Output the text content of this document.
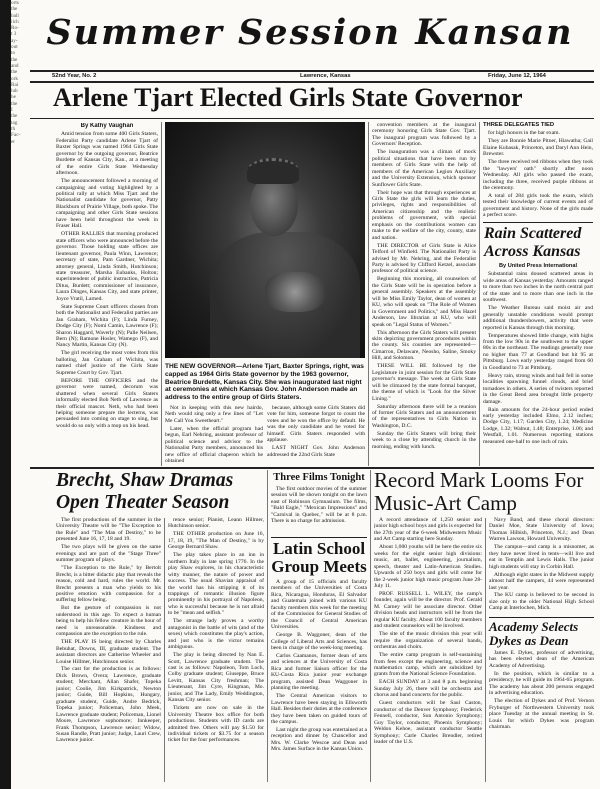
orts
the
ball
iich
Ro-
t 3
ay-
out
to
the
and
the
ork
Rai
lub
he
the
I
the
tag
th
Fac-
er
Summer Session Kansan
52nd Year, No. 2	Lawrence, Kansas	Friday, June 12, 1964
Arlene Tjart Elected Girls State Governor
By Kathy Vaughan

Amid tension from some 400 Girls Staters, Federalist Party candidate Arlene Tjart of Baxter Springs was named 1964 Girls State governor by the outgoing governor, Beatrice Burdette of Kansas City, Kan., at a meeting of the entire Girls State Wednesday afternoon.

The announcement followed a morning of campaigning and voting highlighted by a political rally at which Miss Tjart and the Nationalist candidate for governor, Patty Blackburn of Prairie Village, both spoke. The campaigning and other Girls State sessions have been held throughout the week in Fraser Hall.

OTHER RALLIES that morning produced state officers who were announced before the governor. Those holding state offices are lieutenant governor, Paula Winn, Lawrence; secretary of state, Pam Gardner, Wichita; attorney general, Linda Smith, Hutchinson; state treasurer, Marsha Eubanks, Holton; superintendent of public instruction, Patricia Ditus, Burdett; commissioner of insurance, Laura Dinges, Kansas City, and state printer, Joyce Vratil, Larned.

State Supreme Court officers chosen from both the Nationalist and Federalist parties are Jan Graham, Wichita (F); Linda Furney, Dodge City (F); Nomi Camin, Lawrence (F); Sharon Haggard, Waverly (N); Palle Neilsen, Bern (N); Ramone Hosler, Wamego (F), and Nancy Martin, Kansas City (N).

The girl receiving the most votes from this balloting, Jan Graham of Wichita, was named chief justice of the Girls State Supreme Court by Gov. Tjart.

BEFORE THE OFFICERS and the governor were named, decorum was shattered when several Girls Staters informally elected Bob Neth of Lawrence as their official mascot. Neth, who had been helping someone prepare the lecterns, was persuaded into coming on stage to sing, but would do so only with a mop on his head.

THE NEW GOVERNOR—Arlene Tjart, Baxter Springs, right, was capped as 1964 Girls State governor by the 1963 governor, Beatrice Burdette, Kansas City. She was inaugurated last night at ceremonies at which Kansas Gov. John Anderson made an address to the entire group of Girls Staters.

Not in keeping with this new hairdo, Neth would sing only a few lines of "Let Me Call You Sweetheart."

Later, when the official program had begun, Earl Nehring, assistant professor of political science and advisor to the Nationalist Party members, announced his new office of official chaperon which he obtained

because, although some Girls Staters did vote for him, someone forgot to count the votes and he won the office by default. He was the only candidate and he voted for himself. Girls Staters responded with applause.

LAST NIGHT Gov. John Anderson addressed the 22nd Girls State

convention members at the inaugural ceremony honoring Girls State Gov. Tjart. The inaugural program was followed by a Governors' Reception.

The inauguration was a climax of mock political situations that have been run by members of Girls State with the help of members of the American Legion Auxiliary and the University Extension, which sponsor Sunflower Girls State.

Their hope was that through experiences at Girls State the girls will learn the duties, privileges, rights and responsibilities of American citizenship and the realistic problems of government, with special emphasis on the contributions women can make to the welfare of the city, county, state and nation.

THE DIRECTOR of Girls State is Alice Telford of Winfield. The Nationalist Party is advised by Mr. Nehring, and the Federalist Party is advised by Clifford Ketzel, associate professor of political science.

Beginning this morning, all counselors of the Girls State will be in operation before a general assembly. Speakers at the assembly will be Miss Emily Taylor, dean of women at KU, who will speak on "The Role of Women in Government and Politics," and Miss Hazel Anderson, law librarian at KU, who will speak on "Legal Status of Women."

This afternoon the Girls Staters will present skits depicting government procedures within the county. Six counties are represented—Cimarron, Delaware, Neosho, Saline, Smoky Hill, and Solomon.

THESE WILL BE followed by the Legislature in joint session for the Girls State governor's message. The week at Girls State will be climaxed by the state formal banquet, the theme of which is "Look for the Silver Lining."

Saturday afternoon there will be a reunion of former Girls Staters and an announcement of the representatives to Girls Nation in Washington, D.C.

Sunday the Girls Staters will bring their week to a close by attending church in the morning, ending with lunch.

THREE DELEGATES TIED

for high honors in the bar exam.

They are Bonnie Marie Pitner, Hiawatha; Gail Elaine Kubasak, Princeton, and Daryl Ann Hein, Brewster.

The three received red ribbons when they took the "lawyers' oath" shortly after noon Wednesday. All girls who passed the exam, including the three, received purple ribbons at the ceremony.

A total of 284 girls took the exam, which tested their knowledge of current events and of government and history. None of the girls made a perfect score.

Rain Scattered Across Kansas
By United Press International

Substantial rains doused scattered areas in wide areas of Kansas yesterday. Amounts ranged to more than two inches in the north central part of the state and to more than one inch in the southwest.

The Weather Bureau said moist air and generally unstable conditions would prompt additional thundershowers, activity that were reported in Kansas through this morning.

Temperatures showed little change, with highs from the low 90s in the southwest to the upper 80s in the northeast. The readings generally rose no higher than 77 at Goodland but hit 95 at Pittsburg. Lows early yesterday ranged from 60 in Goodland to 73 at Pittsburg.

Heavy rain, strong winds and hail fell in some localities spawning funnel clouds, and brief tornadoes in others. A series of twisters reported in the Great Bend area brought little property damage.

Rain amounts for the 24-hour period ended early yesterday included Elmo, 2.12 inches; Dodge City, 1.17; Garden City, 1.24; Medicine Lodge, 1.32; Walnut, 1.48; Enterprise, 1.06; and Westfall, 1.01. Numerous reporting stations measured one-half to one inch of rain.

Brecht, Shaw Dramas Open Theater Season

The first productions of the summer in the University Theatre will be "The Exception to the Rule" and "The Man of Destiny," to be presented June 16, 17, 18 and 19.

The two plays will be given on the same evenings and are part of the "Stage Three" summer program of plays.

"The Exception to the Rule," by Bertolt Brecht, is a bitter didactic play that reveals the reason, cold and hard, rules the world. Mr. Brecht presents a man who yields to his positive emotion with compassion for a suffering fellow being.

But the gesture of compassion is not understood in this age. To expect a human being to help his fellow creature in the hour of need is unreasonable. Kindness and compassion are the exception to the rule.

THE PLAY IS being directed by Charles Bebuhat, Downs, III, graduate student. The assistant directors are Catherine Wheeler and Louise Hillmer, Hutchinson senior.

The cast for the production is as follows: Dick Brown, Overa; Lawrence, graduate student; Merchant, Allan Shafer, Topeka junior; Coolie, Jim Kirkpatrick, Newton junior; Guide, Bill Hopkins, Hungary, graduate student, Guide, Andre Bedrick, Topeka junior; Policeman, John Meek, Lawrence graduate student; Policeman, Lionel Moore, Lawrence sophomore; Innkeeper, Frank Thompson, Lawrence senior; Widow, Susan Randle, Pratt junior; Judge, Lauri Crew, Lawrence junior.

rence senior; Pianist, Leann Hillmer, Hutchinson senior.

THE OTHER production on June 16, 17, 18, 19, "The Man of Destiny," is by George Bernard Shaw.

The play takes place in an inn in northern Italy in late spring 1776. In the play Shaw explores, in his characteristic witty manner, the nature of power and success. The usual Shavian appraisal of the world has his stripping it of its trappings of romantic illusion figure prominently in his portrayal of Napoleon, who is successful because he is not afraid to be "mean and selfish."

The strange lady proves a worthy antagonist in the battle of wits (and of the sexes) which constitutes the play's action, and just who is the victor remains ambiguous.

The play is being directed by Nan E. Scott, Lawrence graduate student. The cast is as follows: Napoleon, Tom Loch, Colby graduate student; Giuseppe, Bruce Levitt, Kansas City freshman; The Lieutenant, Jim Cyre, Kingman, Mo. junior, and The Lady, Emily Weddington, Kansas City senior.

Tickets are now on sale in the University Theatre box office for both productions. Students with ID cards are admitted free. Others will pay $1.50 for individual tickets or $3.75 for a season ticket for the four performances.

Three Films Tonight

The first outdoor movies of the summer session will be shown tonight on the lawn east of Robinson Gymnasium. The films, "Bald Eagle," "Mexican Impressions" and "Carnival in Quebec," will be at 8 p.m. There is no charge for admission.

Latin School Group Meets

A group of 15 officials and faculty members of the Universities of Costa Rica, Nicaragua, Honduras, El Salvador and Guatemala joined with various KU faculty members this week for the meeting of the Commission for General Studies of the Council of Central American Universities.

George B. Waggoner, dean of the College of Liberal Arts and Sciences, has been in charge of the week-long meeting.

Carlos Caamanos, former dean of arts and sciences at the University of Costa Rica and former liaison officer for the KU-Costa Rica junior year exchange program, assisted Dean Waggoner in planning the meeting.

The Central American visitors to Lawrence have been staying in Ellsworth Hall. Besides their duties at the conference they have been taken on guided tours of the campus.

Last night the group was entertained at a reception and dinner by Chancellor and Mrs. W. Clarke Wescoe and Dean and Mrs. James Surface in the Kansas Union.

Record Mark Looms For Music-Art Camp

A record attendance of 1,250 senior and junior high school boys and girls is expected for the 27th year of the 6-week Midwestern Music and Art Camp starting here Sunday.

About 1,000 youths will be here the entire six weeks for the eight senior high divisions: music, art, ballet, engineering, journalism, speech, theater and Latin-American Studies. Upwards of 250 boys and girls will come for the 2-week junior high music program June 28-July 11.

PROF. RUSSELL L. WILEY, the camp's founder, again will be the director. Prof. Gerald M. Carney will be associate director. Other division heads and instructors will be from the regular KU faculty. About 100 faculty members and student counselors will be involved.

The site of the music division this year will require the organization of several bands, orchestras and choirs.

The entire camp program is self-sustaining from fees except the engineering, science and mathematics camp, which are subsidized by grants from the National Science Foundation.

EACH SUNDAY at 3 and 8 p.m. beginning Sunday July 26, there will be orchestra and chorus and band concerts for the public.

Guest conductors will be Saul Caston, conductor of the Denver Symphony; Frederick Fennell, conductor, Sun Antonio Symphony; Guy Taylor, conductor, Phoenix Symphony; Weldon Kehoe, assistant conductor Seattle Symphony; Carle Charles Brendler, retired leader of the U.S.

Navy Band, and these choral directors: Daniel Moe, State University of Iowa; Thomas Hilbish, Princeton, N.J.; and Dean Warren Lawson, Howard University.

The campus—and camp is a misnomer, as they have never lived in tents—will live and eat in Templin and Lewis Halls. The junior high students will stay in Corbin Hall.

Although eight states in the Midwest supply almost half the campers, 44 were represented last year.

The KU camp is believed to be second in size only to the older National High School Camp at Interlochen, Mich.

Academy Selects Dykes as Dean

James E. Dykes, professor of advertising, has been elected dean of the American Academy of Advertising.

In the position, which is similar to a presidency, he will guide its 1964-65 program. The academy has about 200 persons engaged in advertising education.

The election of Dykes and of Prof. Vernon Fryburger of Northwestern University took place Tuesday at the annual meeting in St. Louis for which Dykes was program chairman.
